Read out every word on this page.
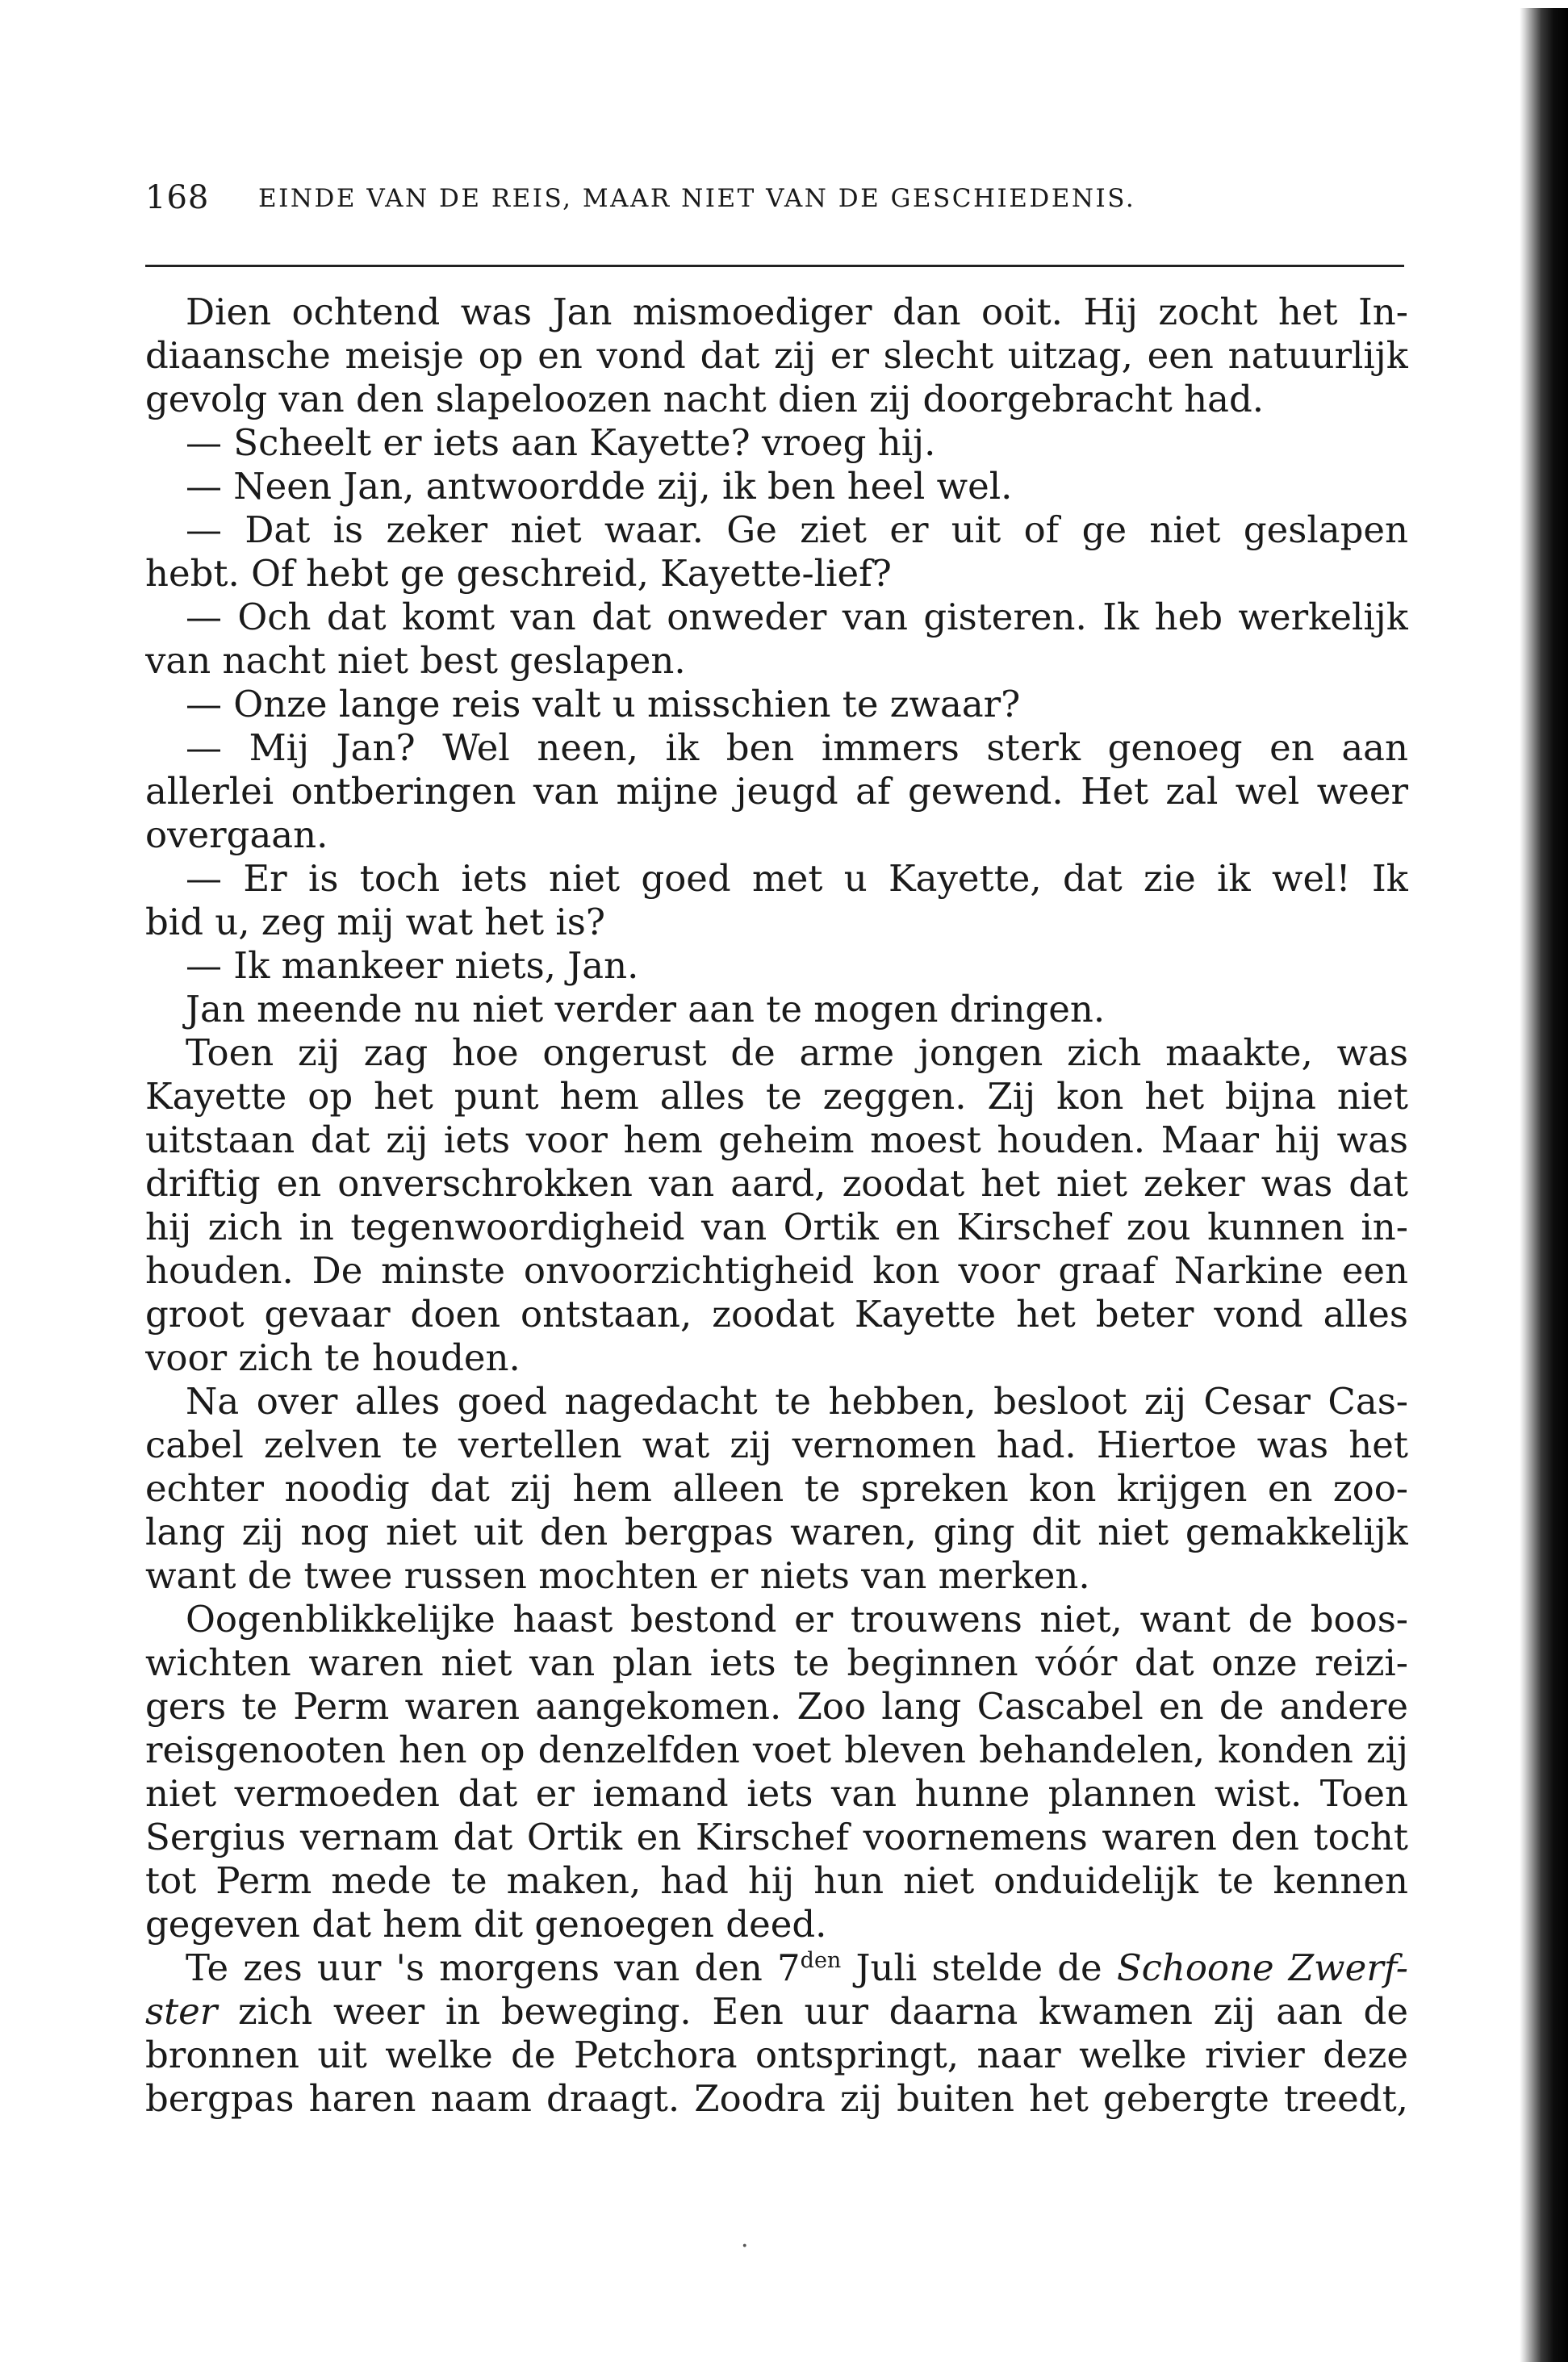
168 EINDE VAN DE REIS, MAAR NIET VAN DE GESCHIEDENIS.
Dien ochtend was Jan mismoediger dan ooit. Hij zocht het In-
diaansche meisje op en vond dat zij er slecht uitzag, een natuurlijk
gevolg van den slapeloozen nacht dien zij doorgebracht had.
— Scheelt er iets aan Kayette? vroeg hij.
— Neen Jan, antwoordde zij, ik ben heel wel.
— Dat is zeker niet waar. Ge ziet er uit of ge niet geslapen
hebt. Of hebt ge geschreid, Kayette-lief?
— Och dat komt van dat onweder van gisteren. Ik heb werkelijk
van nacht niet best geslapen.
— Onze lange reis valt u misschien te zwaar?
— Mij Jan? Wel neen, ik ben immers sterk genoeg en aan
allerlei ontberingen van mijne jeugd af gewend. Het zal wel weer
overgaan.
— Er is toch iets niet goed met u Kayette, dat zie ik wel! Ik
bid u, zeg mij wat het is?
— Ik mankeer niets, Jan.
Jan meende nu niet verder aan te mogen dringen.
Toen zij zag hoe ongerust de arme jongen zich maakte, was
Kayette op het punt hem alles te zeggen. Zij kon het bijna niet
uitstaan dat zij iets voor hem geheim moest houden. Maar hij was
driftig en onverschrokken van aard, zoodat het niet zeker was dat
hij zich in tegenwoordigheid van Ortik en Kirschef zou kunnen in-
houden. De minste onvoorzichtigheid kon voor graaf Narkine een
groot gevaar doen ontstaan, zoodat Kayette het beter vond alles
voor zich te houden.
Na over alles goed nagedacht te hebben, besloot zij Cesar Cas-
cabel zelven te vertellen wat zij vernomen had. Hiertoe was het
echter noodig dat zij hem alleen te spreken kon krijgen en zoo-
lang zij nog niet uit den bergpas waren, ging dit niet gemakkelijk
want de twee russen mochten er niets van merken.
Oogenblikkelijke haast bestond er trouwens niet, want de boos-
wichten waren niet van plan iets te beginnen vóór dat onze reizi-
gers te Perm waren aangekomen. Zoo lang Cascabel en de andere
reisgenooten hen op denzelfden voet bleven behandelen, konden zij
niet vermoeden dat er iemand iets van hunne plannen wist. Toen
Sergius vernam dat Ortik en Kirschef voornemens waren den tocht
tot Perm mede te maken, had hij hun niet onduidelijk te kennen
gegeven dat hem dit genoegen deed.
Te zes uur 's morgens van den $7^{den}$ Juli stelde de Schoone Zwerf-
ster zich weer in beweging. Een uur daarna kwamen zij aan de
bronnen uit welke de Petchora ontspringt, naar welke rivier deze
bergpas haren naam draagt. Zoodra zij buiten het gebergte treedt,
·
